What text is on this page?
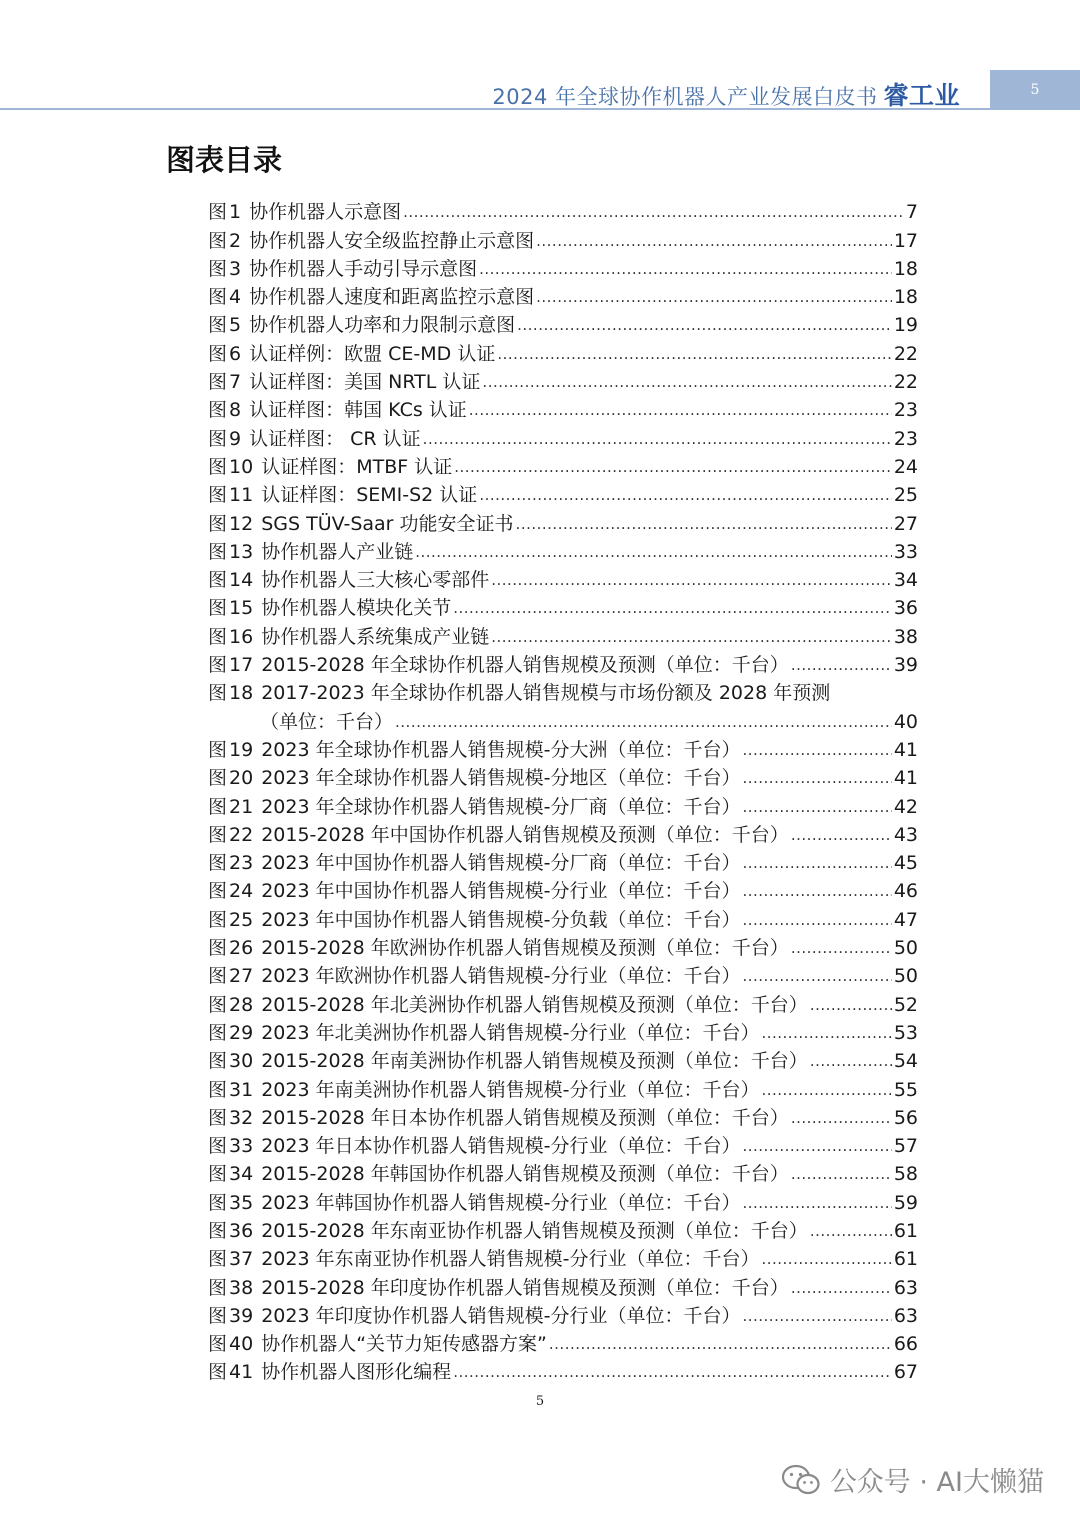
2024 年全球协作机器人产业发展白皮书 睿工业	5
图表目录
图 1 协作机器人示意图 .....	7
图 2 协作机器人安全级监控静止示意图 .....	17
图 3 协作机器人手动引导示意图 .....	18
图 4 协作机器人速度和距离监控示意图 .....	18
图 5 协作机器人功率和力限制示意图 .....	19
图 6 认证样例：欧盟 CE-MD 认证 .....	22
图 7 认证样图：美国 NRTL 认证 .....	22
图 8 认证样图：韩国 KCs 认证 .....	23
图 9 认证样图： CR 认证 .....	23
图 10 认证样图：MTBF 认证 .....	24
图 11 认证样图：SEMI-S2 认证 .....	25
图 12 SGS TÜV-Saar 功能安全证书 .....	27
图 13 协作机器人产业链 .....	33
图 14 协作机器人三大核心零部件 .....	34
图 15 协作机器人模块化关节 .....	36
图 16 协作机器人系统集成产业链 .....	38
图 17 2015-2028 年全球协作机器人销售规模及预测（单位：千台） .....	39
图 18 2017-2023 年全球协作机器人销售规模与市场份额及 2028 年预测
（单位：千台） .....	40
图 19 2023 年全球协作机器人销售规模-分大洲（单位：千台） .....	41
图 20 2023 年全球协作机器人销售规模-分地区（单位：千台） .....	41
图 21 2023 年全球协作机器人销售规模-分厂商（单位：千台） .....	42
图 22 2015-2028 年中国协作机器人销售规模及预测（单位：千台） .....	43
图 23 2023 年中国协作机器人销售规模-分厂商（单位：千台） .....	45
图 24 2023 年中国协作机器人销售规模-分行业（单位：千台） .....	46
图 25 2023 年中国协作机器人销售规模-分负载（单位：千台） .....	47
图 26 2015-2028 年欧洲协作机器人销售规模及预测（单位：千台） .....	50
图 27 2023 年欧洲协作机器人销售规模-分行业（单位：千台） .....	50
图 28 2015-2028 年北美洲协作机器人销售规模及预测（单位：千台） .....	52
图 29 2023 年北美洲协作机器人销售规模-分行业（单位：千台） .....	53
图 30 2015-2028 年南美洲协作机器人销售规模及预测（单位：千台） .....	54
图 31 2023 年南美洲协作机器人销售规模-分行业（单位：千台） .....	55
图 32 2015-2028 年日本协作机器人销售规模及预测（单位：千台） .....	56
图 33 2023 年日本协作机器人销售规模-分行业（单位：千台） .....	57
图 34 2015-2028 年韩国协作机器人销售规模及预测（单位：千台） .....	58
图 35 2023 年韩国协作机器人销售规模-分行业（单位：千台） .....	59
图 36 2015-2028 年东南亚协作机器人销售规模及预测（单位：千台） .....	61
图 37 2023 年东南亚协作机器人销售规模-分行业（单位：千台） .....	61
图 38 2015-2028 年印度协作机器人销售规模及预测（单位：千台） .....	63
图 39 2023 年印度协作机器人销售规模-分行业（单位：千台） .....	63
图 40 协作机器人“关节力矩传感器方案” .....	66
图 41 协作机器人图形化编程 .....	67
5
公众号 · AI大懒猫
